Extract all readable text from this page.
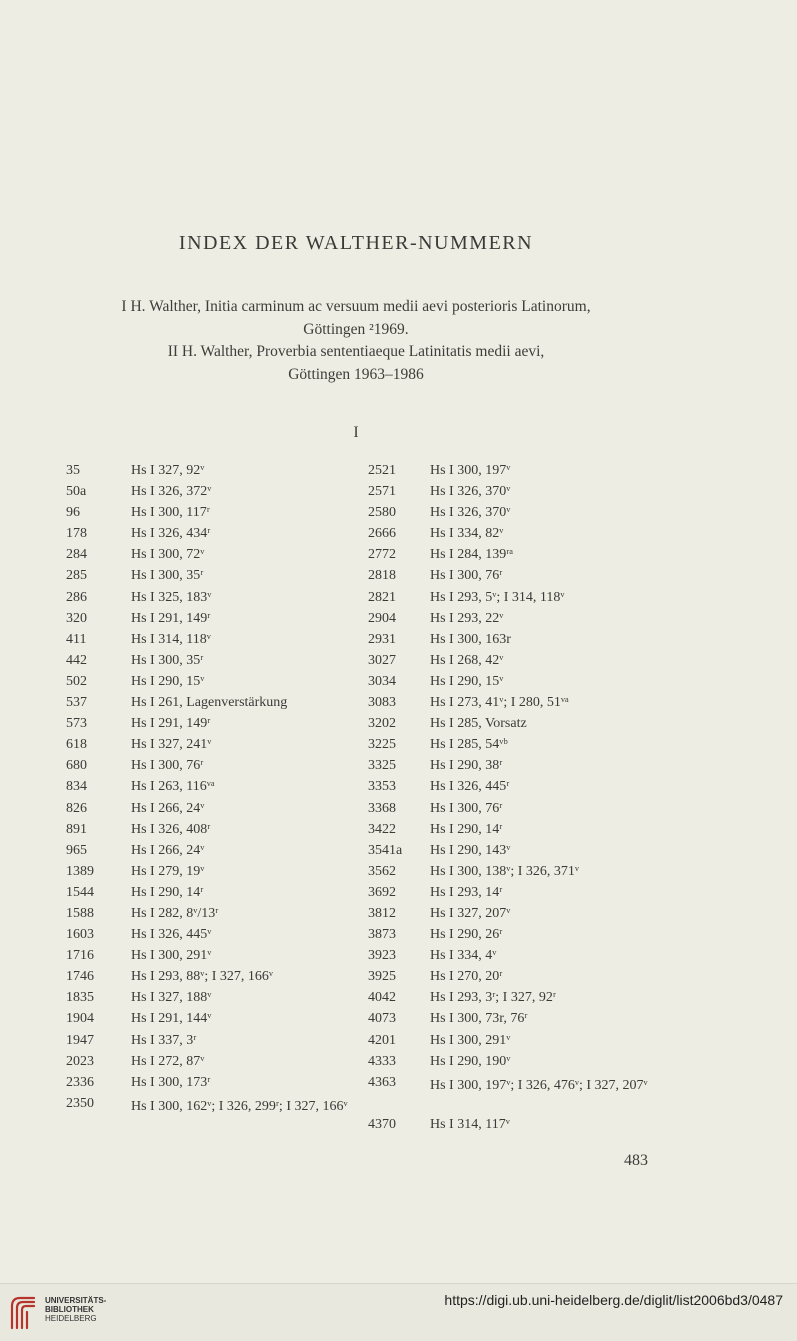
INDEX DER WALTHER-NUMMERN
I H. Walther, Initia carminum ac versuum medii aevi posterioris Latinorum,
Göttingen ²1969.
II H. Walther, Proverbia sententiaeque Latinitatis medii aevi,
Göttingen 1963–1986
I
35	Hs I 327, 92ᵛ
50a	Hs I 326, 372ᵛ
96	Hs I 300, 117ʳ
178	Hs I 326, 434ʳ
284	Hs I 300, 72ᵛ
285	Hs I 300, 35ʳ
286	Hs I 325, 183ᵛ
320	Hs I 291, 149ʳ
411	Hs I 314, 118ᵛ
442	Hs I 300, 35ʳ
502	Hs I 290, 15ᵛ
537	Hs I 261, Lagenverstärkung
573	Hs I 291, 149ʳ
618	Hs I 327, 241ᵛ
680	Hs I 300, 76ʳ
834	Hs I 263, 116ᵛᵃ
826	Hs I 266, 24ᵛ
891	Hs I 326, 408ʳ
965	Hs I 266, 24ᵛ
1389	Hs I 279, 19ᵛ
1544	Hs I 290, 14ʳ
1588	Hs I 282, 8ᵛ/13ʳ
1603	Hs I 326, 445ᵛ
1716	Hs I 300, 291ᵛ
1746	Hs I 293, 88ᵛ; I 327, 166ᵛ
1835	Hs I 327, 188ᵛ
1904	Hs I 291, 144ᵛ
1947	Hs I 337, 3ʳ
2023	Hs I 272, 87ᵛ
2336	Hs I 300, 173ʳ
2350	Hs I 300, 162ᵛ; I 326, 299ʳ; I 327, 166ᵛ
2521 Hs I 300, 197ᵛ
2571 Hs I 326, 370ᵛ
2580 Hs I 326, 370ᵛ
2666 Hs I 334, 82ᵛ
2772 Hs I 284, 139ʳᵃ
2818 Hs I 300, 76ʳ
2821 Hs I 293, 5ᵛ; I 314, 118ᵛ
2904 Hs I 293, 22ᵛ
2931 Hs I 300, 163r
3027 Hs I 268, 42ᵛ
3034 Hs I 290, 15ᵛ
3083 Hs I 273, 41ᵛ; I 280, 51ᵛᵃ
3202 Hs I 285, Vorsatz
3225 Hs I 285, 54ᵛᵇ
3325 Hs I 290, 38ʳ
3353 Hs I 326, 445ʳ
3368 Hs I 300, 76ʳ
3422 Hs I 290, 14ʳ
3541a Hs I 290, 143ᵛ
3562 Hs I 300, 138ᵛ; I 326, 371ᵛ
3692 Hs I 293, 14ʳ
3812 Hs I 327, 207ᵛ
3873 Hs I 290, 26ʳ
3923 Hs I 334, 4ᵛ
3925 Hs I 270, 20ʳ
4042 Hs I 293, 3ʳ; I 327, 92ʳ
4073 Hs I 300, 73r, 76ʳ
4201 Hs I 300, 291ᵛ
4333 Hs I 290, 190ᵛ
4363 Hs I 300, 197ᵛ; I 326, 476ᵛ; I 327, 207ᵛ
4370 Hs I 314, 117ᵛ
483
UNIVERSITÄTS-
BIBLIOTHEK
HEIDELBERG
https://digi.ub.uni-heidelberg.de/diglit/list2006bd3/0487
